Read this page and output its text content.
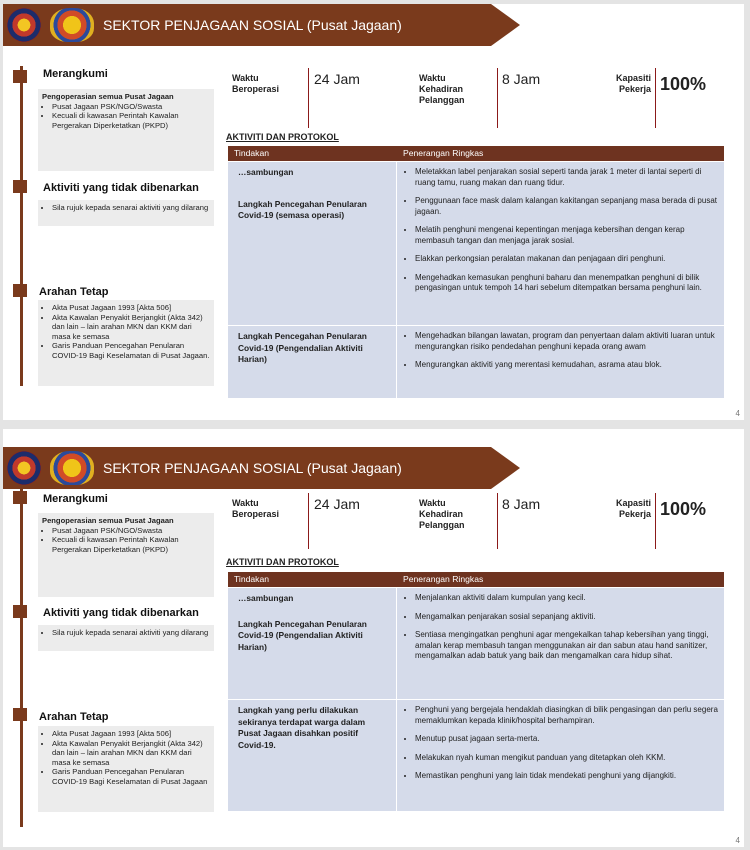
SEKTOR PENJAGAAN SOSIAL (Pusat Jagaan)
Merangkumi
Pengoperasian semua Pusat Jagaan
• Pusat Jagaan PSK/NGO/Swasta
• Kecuali di kawasan Perintah Kawalan Pergerakan Diperketatkan (PKPD)
Aktiviti yang tidak dibenarkan
• Sila rujuk kepada senarai aktiviti yang dilarang
Arahan Tetap
• Akta Pusat Jagaan 1993 [Akta 506]
• Akta Kawalan Penyakit Berjangkit (Akta 342) dan lain – lain arahan MKN dan KKM dari masa ke semasa
• Garis Panduan Pencegahan Penularan COVID-19 Bagi Keselamatan di Pusat Jagaan.
Waktu Beroperasi
24 Jam	Waktu Kehadiran Pelanggan
8 Jam	Kapasiti Pekerja 100%
AKTIVITI DAN PROTOKOL
Tindakan	Penerangan Ringkas
…sambungan
Langkah Pencegahan Penularan Covid-19 (semasa operasi)
• Meletakkan label penjarakan sosial seperti tanda jarak 1 meter di lantai seperti di ruang tamu, ruang makan dan ruang tidur.
• Penggunaan face mask dalam kalangan kakitangan sepanjang masa berada di pusat jagaan.
• Melatih penghuni mengenai kepentingan menjaga kebersihan dengan kerap membasuh tangan dan menjaga jarak sosial.
• Elakkan perkongsian peralatan makanan dan penjagaan diri penghuni.
• Mengehadkan kemasukan penghuni baharu dan menempatkan penghuni di bilik pengasingan untuk tempoh 14 hari sebelum ditempatkan bersama penghuni lain.
Langkah Pencegahan Penularan Covid-19 (Pengendalian Aktiviti Harian)
• Mengehadkan bilangan lawatan, program dan penyertaan dalam aktiviti luaran untuk mengurangkan risiko pendedahan penghuni kepada orang awam
• Mengurangkan aktiviti yang merentasi kemudahan, asrama atau blok.
4
SEKTOR PENJAGAAN SOSIAL (Pusat Jagaan)
Merangkumi
Pengoperasian semua Pusat Jagaan
• Pusat Jagaan PSK/NGO/Swasta
• Kecuali di kawasan Perintah Kawalan Pergerakan Diperketatkan (PKPD)
Aktiviti yang tidak dibenarkan
• Sila rujuk kepada senarai aktiviti yang dilarang
Arahan Tetap
• Akta Pusat Jagaan 1993 [Akta 506]
• Akta Kawalan Penyakit Berjangkit (Akta 342) dan lain – lain arahan MKN dan KKM dari masa ke semasa
• Garis Panduan Pencegahan Penularan COVID-19 Bagi Keselamatan di Pusat Jagaan
Waktu Beroperasi
24 Jam	Waktu Kehadiran Pelanggan
8 Jam	Kapasiti Pekerja 100%
AKTIVITI DAN PROTOKOL
Tindakan	Penerangan Ringkas
…sambungan
Langkah Pencegahan Penularan Covid-19 (Pengendalian Aktiviti Harian)
• Menjalankan aktiviti dalam kumpulan yang kecil.
• Mengamalkan penjarakan sosial sepanjang aktiviti.
• Sentiasa mengingatkan penghuni agar mengekalkan tahap kebersihan yang tinggi, amalan kerap membasuh tangan menggunakan air dan sabun atau hand sanitizer, mengamalkan adab batuk yang baik dan mengamalkan cara hidup sihat.
Langkah yang perlu dilakukan sekiranya terdapat warga dalam Pusat Jagaan disahkan positif Covid-19.
• Penghuni yang bergejala hendaklah diasingkan di bilik pengasingan dan perlu segera memaklumkan kepada klinik/hospital berhampiran.
• Menutup pusat jagaan serta-merta.
• Melakukan nyah kuman mengikut panduan yang ditetapkan oleh KKM.
• Memastikan penghuni yang lain tidak mendekati penghuni yang dijangkiti.
4
